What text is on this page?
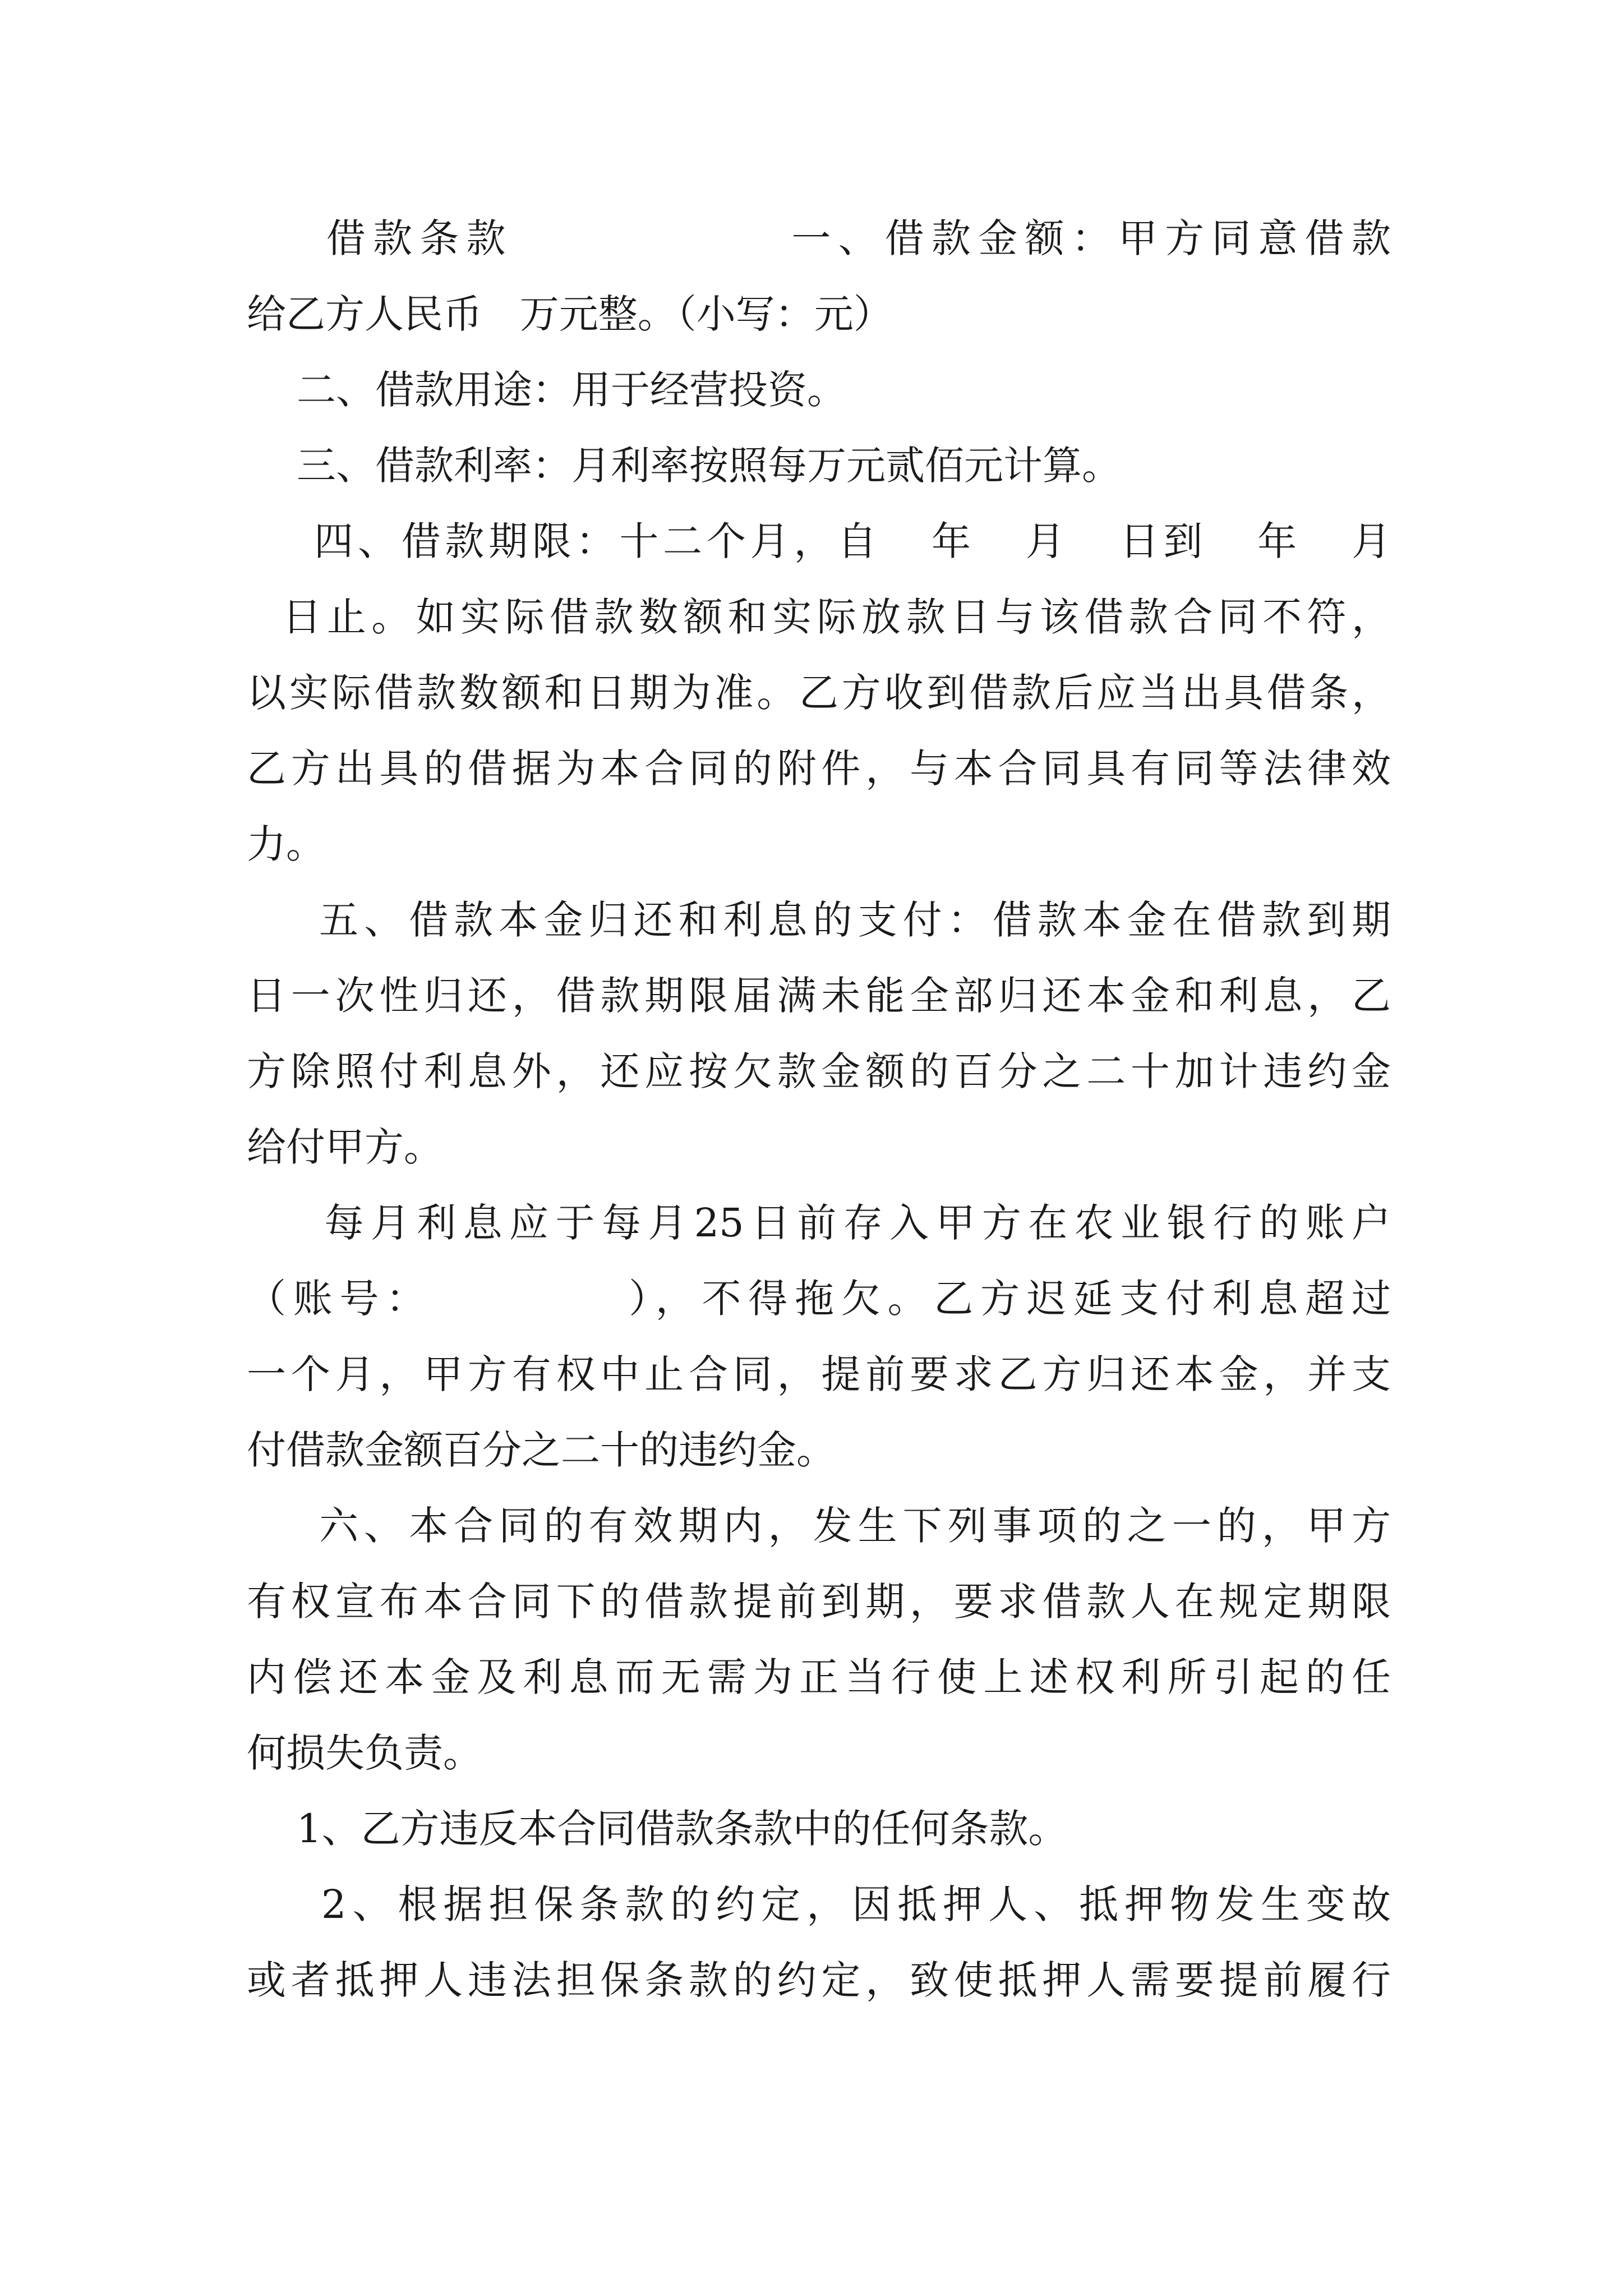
借款条款              一、借款金额：甲方同意借款
给乙方人民币   万元整。（小写：元）
二、借款用途：用于经营投资。
三、借款利率：月利率按照每万元贰佰元计算。
四、借款期限：十二个月，自   年   月   日到   年   月
日止。如实际借款数额和实际放款日与该借款合同不符，
以实际借款数额和日期为准。乙方收到借款后应当出具借条，
乙方出具的借据为本合同的附件，与本合同具有同等法律效
力。
五、借款本金归还和利息的支付：借款本金在借款到期
日一次性归还，借款期限届满未能全部归还本金和利息，乙
方除照付利息外，还应按欠款金额的百分之二十加计违约金
给付甲方。
每月利息应于每月25日前存入甲方在农业银行的账户
（账号：          ），不得拖欠。乙方迟延支付利息超过
一个月，甲方有权中止合同，提前要求乙方归还本金，并支
付借款金额百分之二十的违约金。
六、本合同的有效期内，发生下列事项的之一的，甲方
有权宣布本合同下的借款提前到期，要求借款人在规定期限
内偿还本金及利息而无需为正当行使上述权利所引起的任
何损失负责。
1、乙方违反本合同借款条款中的任何条款。
2、根据担保条款的约定，因抵押人、抵押物发生变故
或者抵押人违法担保条款的约定，致使抵押人需要提前履行
